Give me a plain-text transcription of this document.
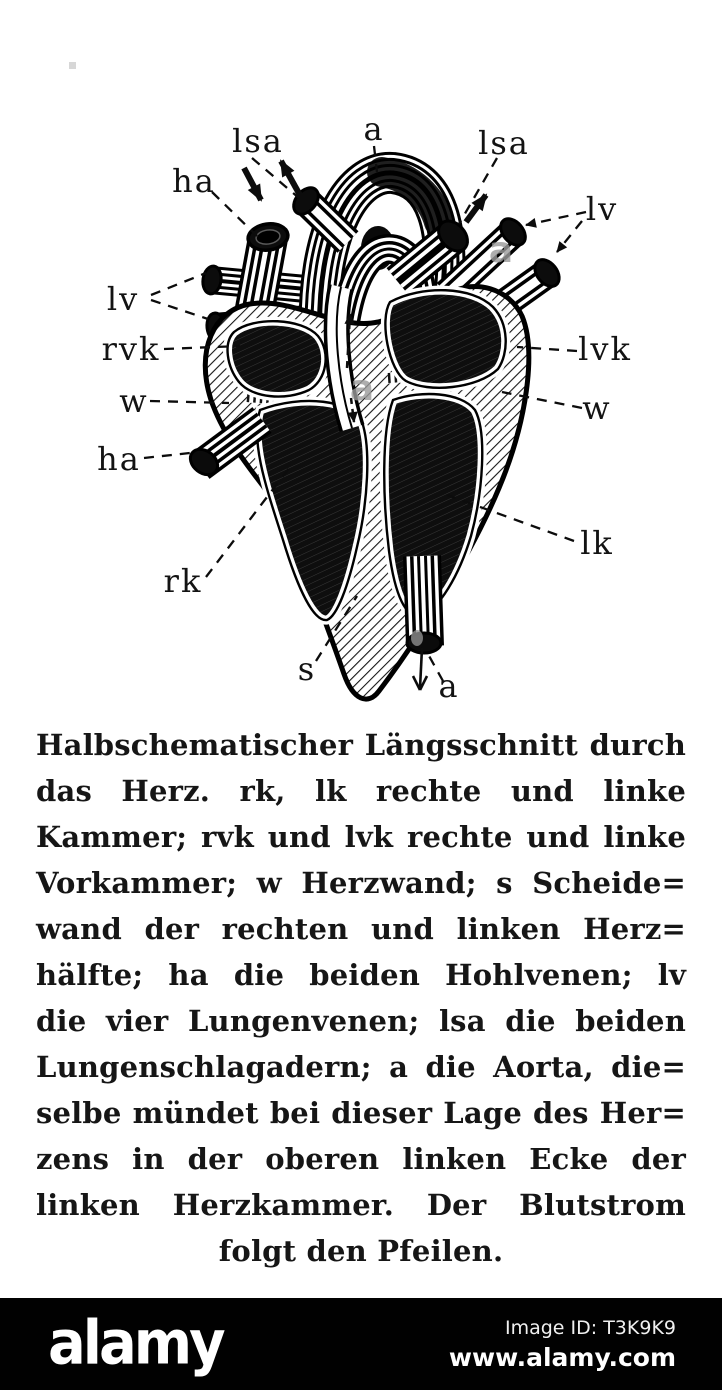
lsa a	lsa
ha
lv
lv
rvk	lvk
w	w
ha
lk
rk
s	a
a
a
Halbschematischer Längsschnitt durch
das Herz. rk, lk rechte und linke
Kammer; rvk und lvk rechte und linke
Vorkammer; w Herzwand; s Scheide=
wand der rechten und linken Herz=
hälfte; ha die beiden Hohlvenen; lv
die vier Lungenvenen; lsa die beiden
Lungenschlagadern; a die Aorta, die=
selbe mündet bei dieser Lage des Her=
zens in der oberen linken Ecke der
linken Herzkammer. Der Blutstrom
folgt den Pfeilen.
alamy	Image ID: T3K9K9
www.alamy.com
